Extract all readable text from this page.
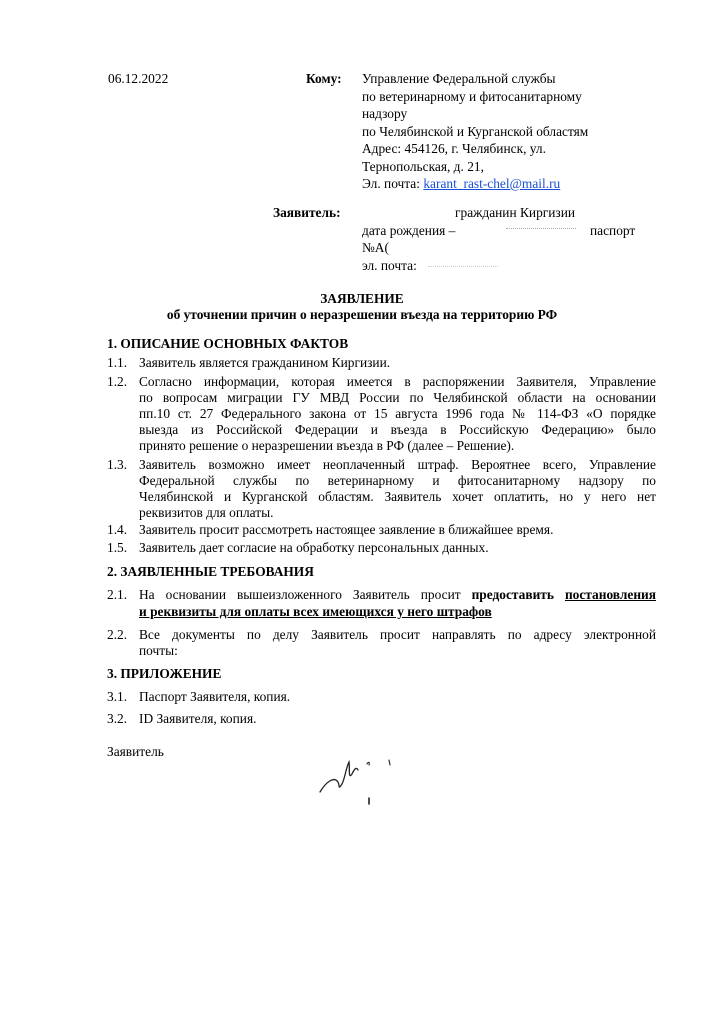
06.12.2022	Кому: Управление Федеральной службы
по ветеринарному и фитосанитарному
надзору
по Челябинской и Курганской областям
Адрес: 454126, г. Челябинск, ул.
Тернопольская, д. 21,
Эл. почта: karant_rast-chel@mail.ru
Заявитель:	гражданин Киргизии
дата рождения –	паспорт
№А(
эл. почта:
ЗАЯВЛЕНИЕ
об уточнении причин о неразрешении въезда на территорию РФ
1. ОПИСАНИЕ ОСНОВНЫХ ФАКТОВ
1.1. Заявитель является гражданином Киргизии.
1.2. Согласно информации, которая имеется в распоряжении Заявителя, Управление
по вопросам миграции ГУ МВД России по Челябинской области на основании
пп.10 ст. 27 Федерального закона от 15 августа 1996 года № 114-ФЗ «О порядке
выезда из Российской Федерации и въезда в Российскую Федерацию» было
принято решение о неразрешении въезда в РФ (далее – Решение).
1.3. Заявитель возможно имеет неоплаченный штраф. Вероятнее всего, Управление
Федеральной службы по ветеринарному и фитосанитарному надзору по
Челябинской и Курганской областям. Заявитель хочет оплатить, но у него нет
реквизитов для оплаты.
1.4. Заявитель просит рассмотреть настоящее заявление в ближайшее время.
1.5. Заявитель дает согласие на обработку персональных данных.
2. ЗАЯВЛЕННЫЕ ТРЕБОВАНИЯ
2.1. На основании вышеизложенного Заявитель просит предоставить постановления
и реквизиты для оплаты всех имеющихся у него штрафов
2.2. Все документы по делу Заявитель просит направлять по адресу электронной
почты:
3. ПРИЛОЖЕНИЕ
3.1. Паспорт Заявителя, копия.
3.2. ID Заявителя, копия.
Заявитель
